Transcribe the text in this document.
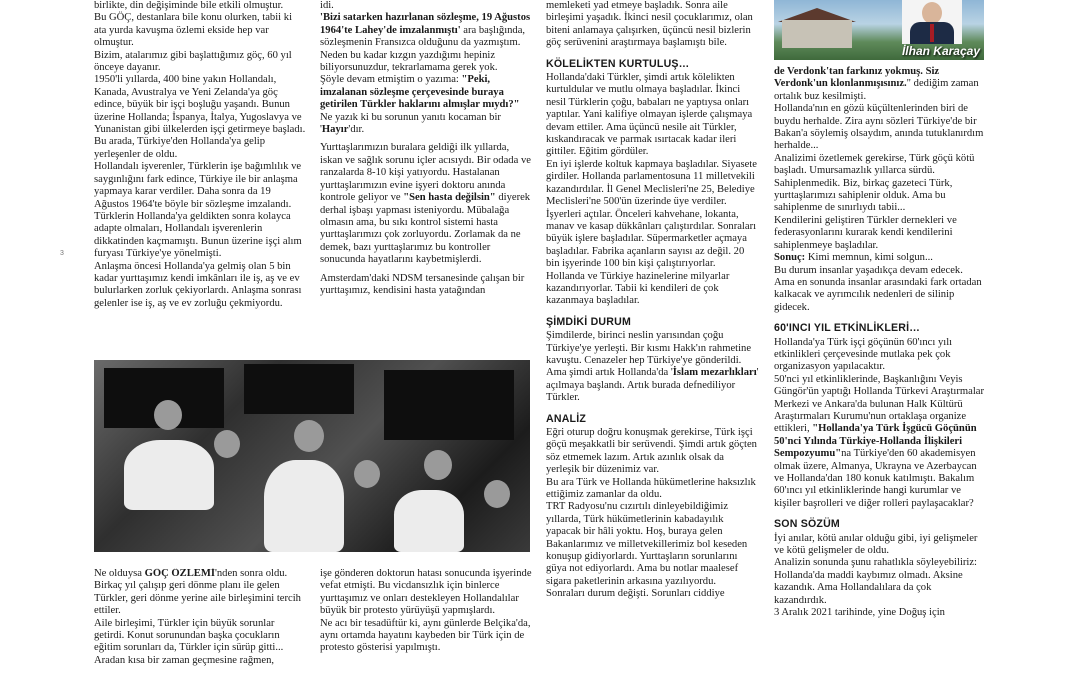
3

birlikte, din değişiminde bile etkili olmuştur.

Bu GÖÇ, destanlara bile konu olurken, tabii ki ata yurda kavuşma özlemi ekside hep var olmuştur.

Bizim, atalarımız gibi başlattığımız göç, 60 yıl önceye dayanır.

1950'li yıllarda, 400 bine yakın Hollandalı, Kanada, Avustralya ve Yeni Zelanda'ya göç edince, büyük bir işçi boşluğu yaşandı. Bunun üzerine Hollanda; İspanya, İtalya, Yugoslavya ve Yunanistan gibi ülkelerden işçi getirmeye başladı. Bu arada, Türkiye'den Hollanda'ya gelip yerleşenler de oldu.

Hollandalı işverenler, Türklerin işe bağımlılık ve saygınlığını fark edince, Türkiye ile bir anlaşma yapmaya karar verdiler. Daha sonra da 19 Ağustos 1964'te böyle bir sözleşme imzalandı.

Türklerin Hollanda'ya geldikten sonra kolayca adapte olmaları, Hollandalı işverenlerin dikkatinden kaçmamıştı. Bunun üzerine işçi alım furyası Türkiye'ye yönelmişti.

Anlaşma öncesi Hollanda'ya gelmiş olan 5 bin kadar yurttaşımız kendi imkânları ile iş, aş ve ev bulurlarken zorluk çekiyorlardı. Anlaşma sonrası gelenler ise iş, aş ve ev zorluğu çekmiyordu.

idi.

'Bizi satarken hazırlanan sözleşme, 19 Ağustos 1964'te Lahey'de imzalanmıştı' ara başlığında, sözleşmenin Fransızca olduğunu da yazmıştım.

Neden bu kadar kızgın yazdığımı hepiniz biliyorsunuzdur, tekrarlamama gerek yok.

Şöyle devam etmiştim o yazıma: "Peki, imzalanan sözleşme çerçevesinde buraya getirilen Türkler haklarını almışlar mıydı?"

Ne yazık ki bu sorunun yanıtı kocaman bir 'Hayır'dır.

Yurttaşlarımızın buralara geldiği ilk yıllarda, iskan ve sağlık sorunu içler acısıydı. Bir odada ve ranzalarda 8-10 kişi yatıyordu. Hastalanan yurttaşlarımızın evine işyeri doktoru anında kontrole geliyor ve "Sen hasta değilsin" diyerek derhal işbaşı yapması isteniyordu. Mübalağa olmasın ama, bu sıkı kontrol sistemi hasta yurttaşlarımızı çok zorluyordu. Zorlamak da ne demek, bazı yurttaşlarımız bu kontroller sonucunda hayatlarını kaybetmişlerdi.

Amsterdam'daki NDSM tersanesinde çalışan bir yurttaşımız, kendisini hasta yatağından

Ne olduysa GÖÇ ÖZLEMİ'nden sonra oldu.

Birkaç yıl çalışıp geri dönme planı ile gelen Türkler, geri dönme yerine aile birleşimini tercih ettiler.

Aile birleşimi, Türkler için büyük sorunlar getirdi. Konut sorunundan başka çocukların eğitim sorunları da, Türkler için sürüp gitti...

Aradan kısa bir zaman geçmesine rağmen,

işe gönderen doktorun hatası sonucunda işyerinde vefat etmişti. Bu vicdansızlık için binlerce yurttaşımız ve onları destekleyen Hollandalılar büyük bir protesto yürüyüşü yapmışlardı.

Ne acı bir tesadüftür ki, aynı günlerde Belçika'da, aynı ortamda hayatını kaybeden bir Türk için de protesto gösterisi yapılmıştı.

memleketi yad etmeye başladık. Sonra aile birleşimi yaşadık. İkinci nesil çocuklarımız, olan biteni anlamaya çalışırken, üçüncü nesil bizlerin göç serüvenini araştırmaya başlamıştı bile.

KÖLELİKTEN KURTULUŞ…

Hollanda'daki Türkler, şimdi artık kölelikten kurtuldular ve mutlu olmaya başladılar. İkinci nesil Türklerin çoğu, babaları ne yaptıysa onları yaptılar. Yani kalifiye olmayan işlerde çalışmaya devam ettiler. Ama üçüncü nesile ait Türkler, kıskandıracak ve parmak ısırtacak kadar ileri gittiler. Eğitim gördüler.

En iyi işlerde koltuk kapmaya başladılar. Siyasete girdiler. Hollanda parlamentosuna 11 milletvekili kazandırdılar. İl Genel Meclisleri'ne 25, Belediye Meclisleri'ne 500'ün üzerinde üye verdiler.

İşyerleri açtılar. Önceleri kahvehane, lokanta, manav ve kasap dükkânları çalıştırdılar. Sonraları büyük işlere başladılar. Süpermarketler açmaya başladılar. Fabrika açanların sayısı az değil. 20 bin işyerinde 100 bin kişi çalıştırıyorlar.

Hollanda ve Türkiye hazinelerine milyarlar kazandırıyorlar. Tabii ki kendileri de çok kazanmaya başladılar.

ŞİMDİKİ DURUM

Şimdilerde, birinci neslin yarısından çoğu Türkiye'ye yerleşti. Bir kısmı Hakk'ın rahmetine kavuştu. Cenazeler hep Türkiye'ye gönderildi. Ama şimdi artık Hollanda'da 'İslam mezarlıkları' açılmaya başlandı. Artık burada defnediliyor Türkler.

ANALİZ

Eğri oturup doğru konuşmak gerekirse, Türk işçi göçü meşakkatli bir serüvendi. Şimdi artık göçten söz etmemek lazım. Artık azınlık olsak da yerleşik bir düzenimiz var.

Bu ara Türk ve Hollanda hükümetlerine haksızlık ettiğimiz zamanlar da oldu.

TRT Radyosu'nu cızırtılı dinleyebildiğimiz yıllarda, Türk hükümetlerinin kabadayılık yapacak bir hâli yoktu. Hoş, buraya gelen Bakanlarımız ve milletvekillerimiz bol keseden konuşup gidiyorlardı. Yurttaşların sorunlarını güya not ediyorlardı. Ama bu notlar maalesef sigara paketlerinin arkasına yazılıyordu.

Sonraları durum değişti. Sorunları ciddiye

İlhan Karaçay

de Verdonk'tan farkınız yokmuş. Siz Verdonk'un klonlanmışısınız." dediğim zaman ortalık buz kesilmişti.

Hollanda'nın en gözü küçültenlerinden biri de buydu herhalde. Zira aynı sözleri Türkiye'de bir Bakan'a söylemiş olsaydım, anında tutuklanırdım herhalde...

Analizimi özetlemek gerekirse, Türk göçü kötü başladı. Umursamazlık yıllarca sürdü. Sahiplenmedik. Biz, birkaç gazeteci Türk, yurttaşlarımızı sahiplenir olduk. Ama bu sahiplenme de sınırlıydı tabii...

Kendilerini geliştiren Türkler dernekleri ve federasyonlarını kurarak kendi kendilerini sahiplenmeye başladılar.

Sonuç: Kimi memnun, kimi solgun...

Bu durum insanlar yaşadıkça devam edecek.

Ama en sonunda insanlar arasındaki fark ortadan kalkacak ve ayrımcılık nedenleri de silinip gidecek.

60'INCI YIL ETKİNLİKLERİ…

Hollanda'ya Türk işçi göçünün 60'ıncı yılı etkinlikleri çerçevesinde mutlaka pek çok organizasyon yapılacaktır.

50'nci yıl etkinliklerinde, Başkanlığını Veyis Güngör'ün yaptığı Hollanda Türkevi Araştırmalar Merkezi ve Ankara'da bulunan Halk Kültürü Araştırmaları Kurumu'nun ortaklaşa organize ettikleri, "Hollanda'ya Türk İşgücü Göçünün 50'nci Yılında Türkiye-Hollanda İlişkileri Sempozyumu"na Türkiye'den 60 akademisyen olmak üzere, Almanya, Ukrayna ve Azerbaycan ve Hollanda'dan 180 konuk katılmıştı. Bakalım 60'ıncı yıl etkinliklerinde hangi kurumlar ve kişiler başrolleri ve diğer rolleri paylaşacaklar?

SON SÖZÜM

İyi anılar, kötü anılar olduğu gibi, iyi gelişmeler ve kötü gelişmeler de oldu.

Analizin sonunda şunu rahatlıkla söyleyebiliriz: Hollanda'da maddi kaybımız olmadı. Aksine kazandık. Ama Hollandalılara da çok kazandırdık.

3 Aralık 2021 tarihinde, yine Doğuş için
